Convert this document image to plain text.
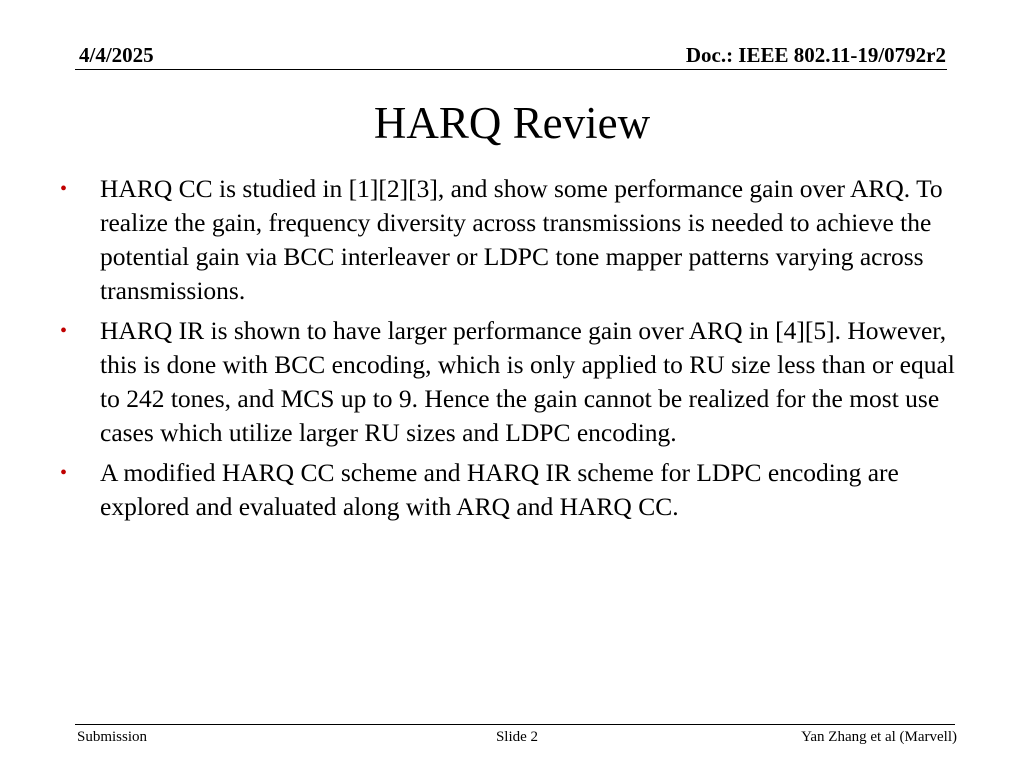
4/4/2025	Doc.: IEEE 802.11-19/0792r2
HARQ Review
• HARQ CC is studied in [1][2][3], and show some performance gain over ARQ. To realize the gain, frequency diversity across transmissions is needed to achieve the potential gain via BCC interleaver or LDPC tone mapper patterns varying across transmissions.
• HARQ IR is shown to have larger performance gain over ARQ in [4][5]. However, this is done with BCC encoding, which is only applied to RU size less than or equal to 242 tones, and MCS up to 9. Hence the gain cannot be realized for the most use cases which utilize larger RU sizes and LDPC encoding.
• A modified HARQ CC scheme and HARQ IR scheme for LDPC encoding are explored and evaluated along with ARQ and HARQ CC.
Submission	Slide 2	Yan Zhang et al (Marvell)
